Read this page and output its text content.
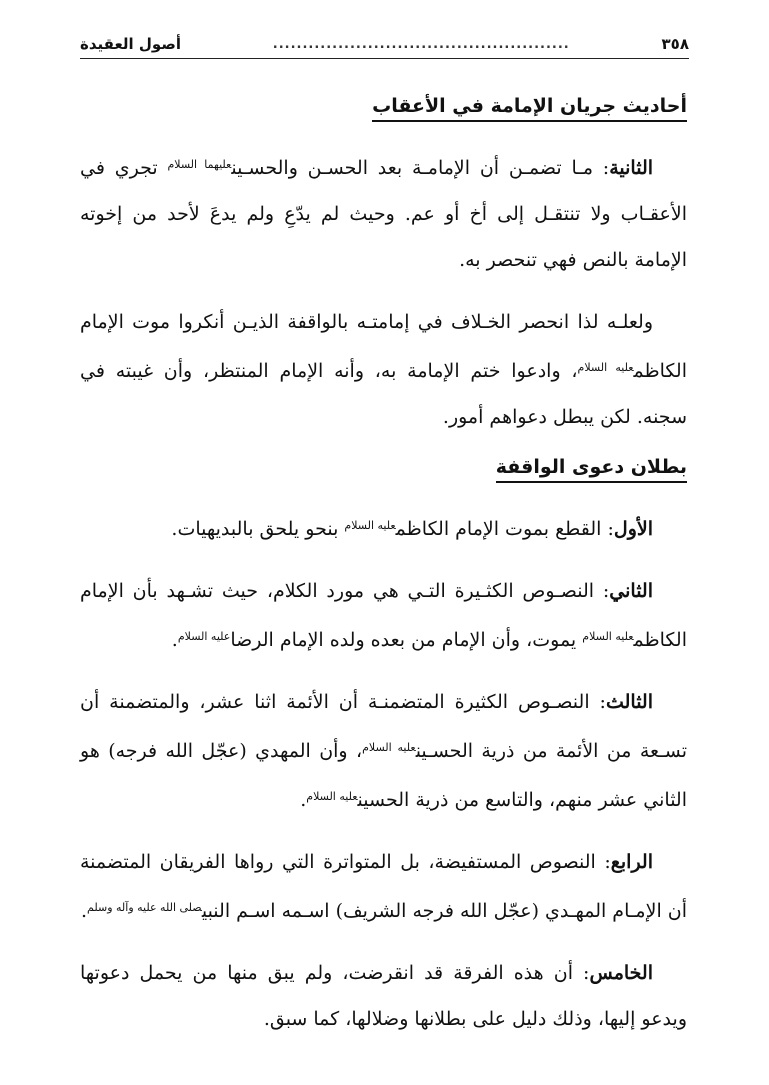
٣٥٨
..................................................
أصول العقيدة
أحاديث جريان الإمامة في الأعقاب

الثانية: مـا تضمـن أن الإمامـة بعد الحسـن والحسـين$^{عليهما السلام}$ تجري في الأعقـاب ولا تنتقـل إلى أخ أو عم. وحيث لم يدّعِ ولم يدعَ لأحد من إخوته الإمامة بالنص فهي تنحصر به.

ولعلـه لذا انحصر الخـلاف في إمامتـه بالواقفة الذيـن أنكروا موت الإمام الكاظم$^{عليه السلام}$، وادعوا ختم الإمامة به، وأنه الإمام المنتظر، وأن غيبته في سجنه. لكن يبطل دعواهم أمور.

بطلان دعوى الواقفة

الأول: القطع بموت الإمام الكاظم$^{عليه السلام}$ بنحو يلحق بالبديهيات.

الثاني: النصـوص الكثـيرة التـي هي مورد الكلام، حيث تشـهد بأن الإمام الكاظم$^{عليه السلام}$ يموت، وأن الإمام من بعده ولده الإمام الرضا$^{عليه السلام}$.

الثالث: النصـوص الكثيرة المتضمنـة أن الأئمة اثنا عشر، والمتضمنة أن تسـعة من الأئمة من ذرية الحسـين$^{عليه السلام}$، وأن المهدي (عجّل الله فرجه) هو الثاني عشر منهم، والتاسع من ذرية الحسين$^{عليه السلام}$.

الرابع: النصوص المستفيضة، بل المتواترة التي رواها الفريقان المتضمنة أن الإمـام المهـدي (عجّل الله فرجه الشريف) اسـمه اسـم النبي$^{صلى الله عليه وآله وسلم}$.

الخامس: أن هذه الفرقة قد انقرضت، ولم يبق منها من يحمل دعوتها ويدعو إليها، وذلك دليل على بطلانها وضلالها، كما سبق.
